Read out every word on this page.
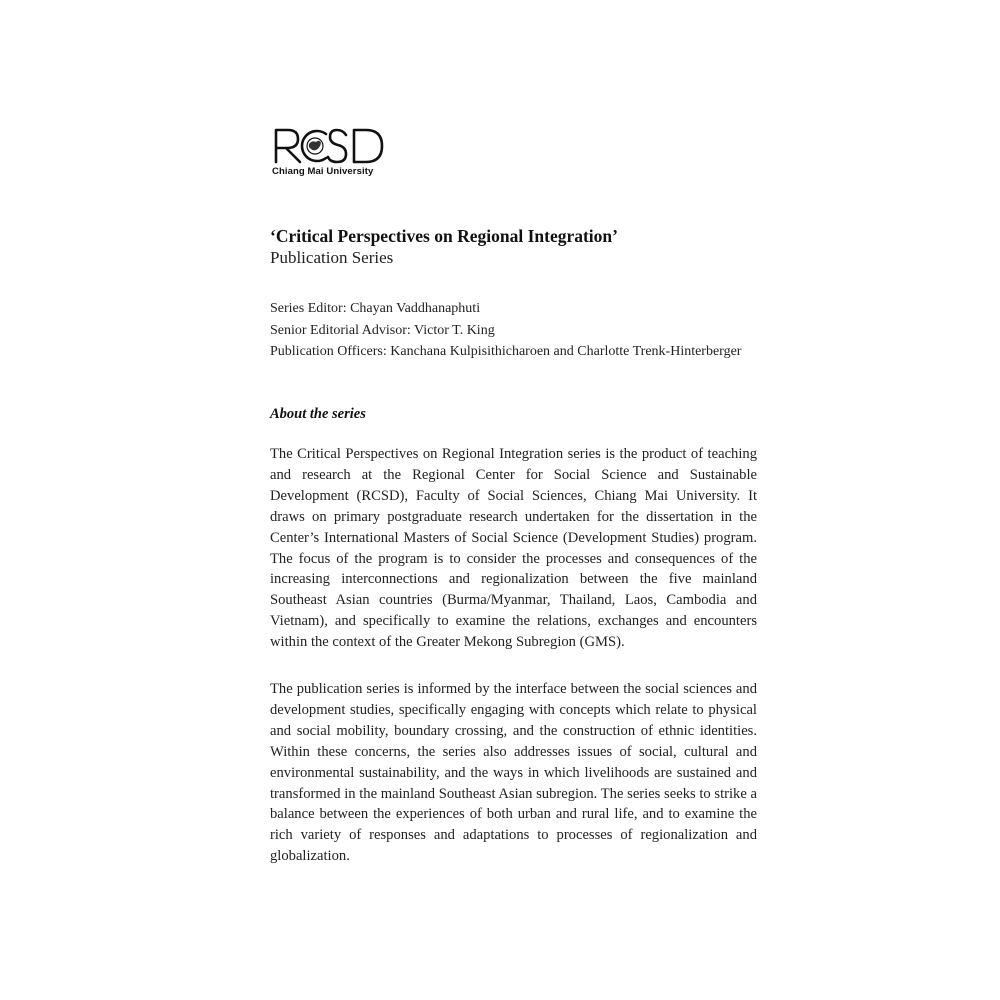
Chiang Mai University
‘Critical Perspectives on Regional Integration’
Publication Series
Series Editor: Chayan Vaddhanaphuti
Senior Editorial Advisor: Victor T. King
Publication Officers: Kanchana Kulpisithicharoen and Charlotte Trenk-Hinterberger
About the series

The Critical Perspectives on Regional Integration series is the product of teaching and research at the Regional Center for Social Science and Sustainable Development (RCSD), Faculty of Social Sciences, Chiang Mai University. It draws on primary postgraduate research undertaken for the dissertation in the Center’s International Masters of Social Science (Development Studies) program. The focus of the program is to consider the processes and consequences of the increasing interconnections and regionalization between the five mainland Southeast Asian countries (Burma/Myanmar, Thailand, Laos, Cambodia and Vietnam), and specifically to examine the relations, exchanges and encounters within the context of the Greater Mekong Subregion (GMS).

The publication series is informed by the interface between the social sciences and development studies, specifically engaging with concepts which relate to physical and social mobility, boundary crossing, and the construction of ethnic identities. Within these concerns, the series also addresses issues of social, cultural and environmental sustainability, and the ways in which livelihoods are sustained and transformed in the mainland Southeast Asian subregion. The series seeks to strike a balance between the experiences of both urban and rural life, and to examine the rich variety of responses and adaptations to processes of regionalization and globalization.
